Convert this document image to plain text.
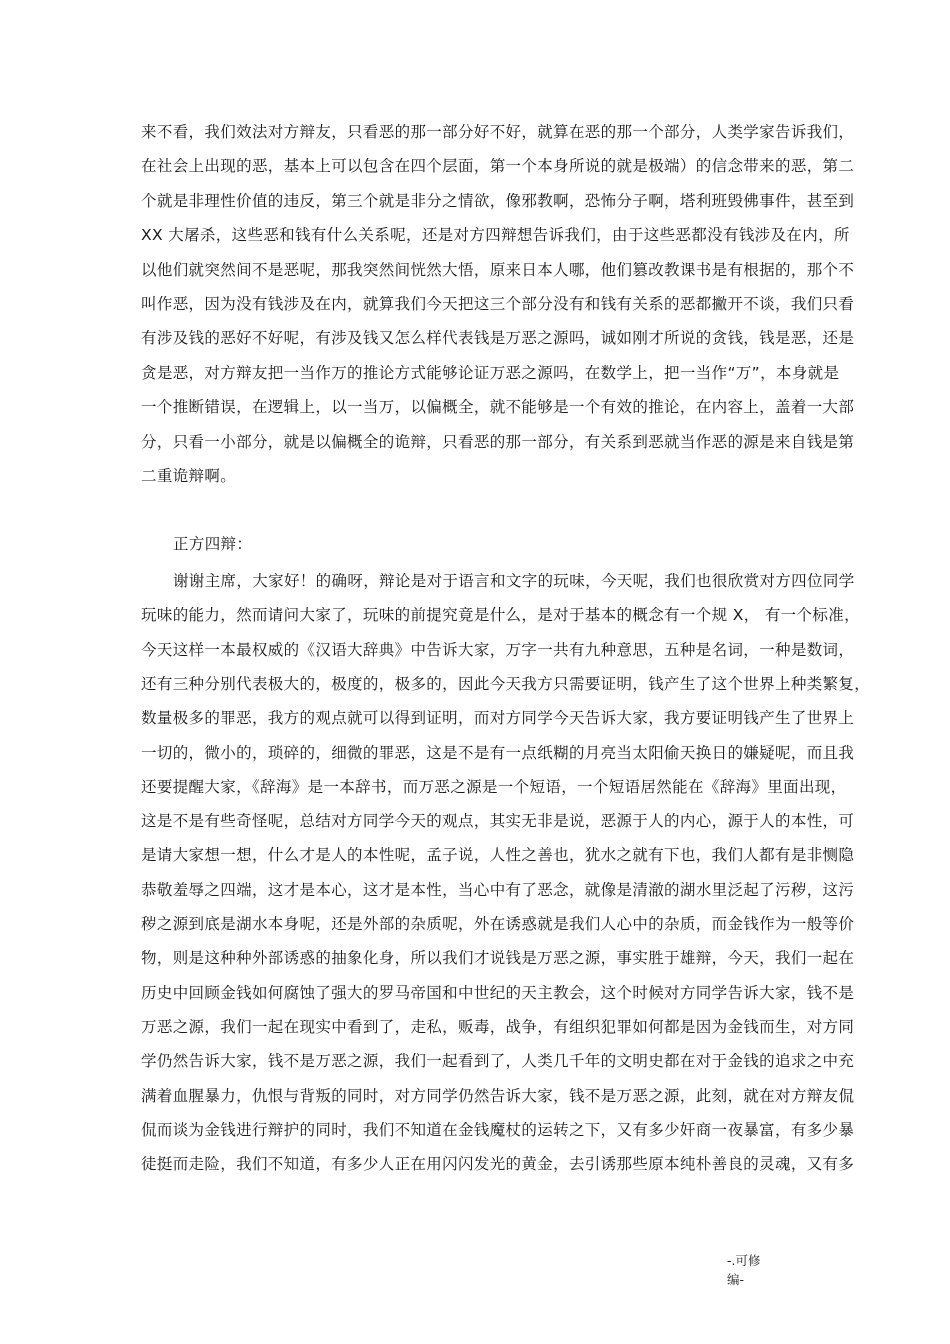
来不看，我们效法对方辩友，只看恶的那一部分好不好，就算在恶的那一个部分，人类学家告诉我们，
在社会上出现的恶，基本上可以包含在四个层面，第一个本身所说的就是极端）的信念带来的恶，第二
个就是非理性价值的违反，第三个就是非分之情欲，像邪教啊，恐怖分子啊，塔利班毁佛事件，甚至到
XX 大屠杀，这些恶和钱有什么关系呢，还是对方四辩想告诉我们，由于这些恶都没有钱涉及在内，所
以他们就突然间不是恶呢，那我突然间恍然大悟，原来日本人哪，他们篡改教课书是有根据的，那个不
叫作恶，因为没有钱涉及在内，就算我们今天把这三个部分没有和钱有关系的恶都撇开不谈，我们只看
有涉及钱的恶好不好呢，有涉及钱又怎么样代表钱是万恶之源吗，诚如刚才所说的贪钱，钱是恶，还是
贪是恶，对方辩友把一当作万的推论方式能够论证万恶之源吗，在数学上，把一当作“万”，本身就是
一个推断错误，在逻辑上，以一当万，以偏概全，就不能够是一个有效的推论，在内容上，盖着一大部
分，只看一小部分，就是以偏概全的诡辩，只看恶的那一部分，有关系到恶就当作恶的源是来自钱是第
二重诡辩啊。
正方四辩：
谢谢主席，大家好！的确呀，辩论是对于语言和文字的玩味，今天呢，我们也很欣赏对方四位同学
玩味的能力，然而请问大家了，玩味的前提究竟是什么，是对于基本的概念有一个规 X， 有一个标准，
今天这样一本最权威的《汉语大辞典》中告诉大家，万字一共有九种意思，五种是名词，一种是数词，
还有三种分别代表极大的，极度的，极多的，因此今天我方只需要证明，钱产生了这个世界上种类繁复，
数量极多的罪恶，我方的观点就可以得到证明，而对方同学今天告诉大家，我方要证明钱产生了世界上
一切的，微小的，琐碎的，细微的罪恶，这是不是有一点纸糊的月亮当太阳偷天换日的嫌疑呢，而且我
还要提醒大家，《辞海》是一本辞书，而万恶之源是一个短语，一个短语居然能在《辞海》里面出现，
这是不是有些奇怪呢，总结对方同学今天的观点，其实无非是说，恶源于人的内心，源于人的本性，可
是请大家想一想，什么才是人的本性呢，孟子说，人性之善也，犹水之就有下也，我们人都有是非恻隐
恭敬羞辱之四端，这才是本心，这才是本性，当心中有了恶念，就像是清澈的湖水里泛起了污秽，这污
秽之源到底是湖水本身呢，还是外部的杂质呢，外在诱惑就是我们人心中的杂质，而金钱作为一般等价
物，则是这种种外部诱惑的抽象化身，所以我们才说钱是万恶之源，事实胜于雄辩，今天，我们一起在
历史中回顾金钱如何腐蚀了强大的罗马帝国和中世纪的天主教会，这个时候对方同学告诉大家，钱不是
万恶之源，我们一起在现实中看到了，走私，贩毒，战争，有组织犯罪如何都是因为金钱而生，对方同
学仍然告诉大家，钱不是万恶之源，我们一起看到了，人类几千年的文明史都在对于金钱的追求之中充
满着血腥暴力，仇恨与背叛的同时，对方同学仍然告诉大家，钱不是万恶之源，此刻，就在对方辩友侃
侃而谈为金钱进行辩护的同时，我们不知道在金钱魔杖的运转之下，又有多少奸商一夜暴富，有多少暴
徒挺而走险，我们不知道，有多少人正在用闪闪发光的黄金，去引诱那些原本纯朴善良的灵魂，又有多
-.可修
编-
